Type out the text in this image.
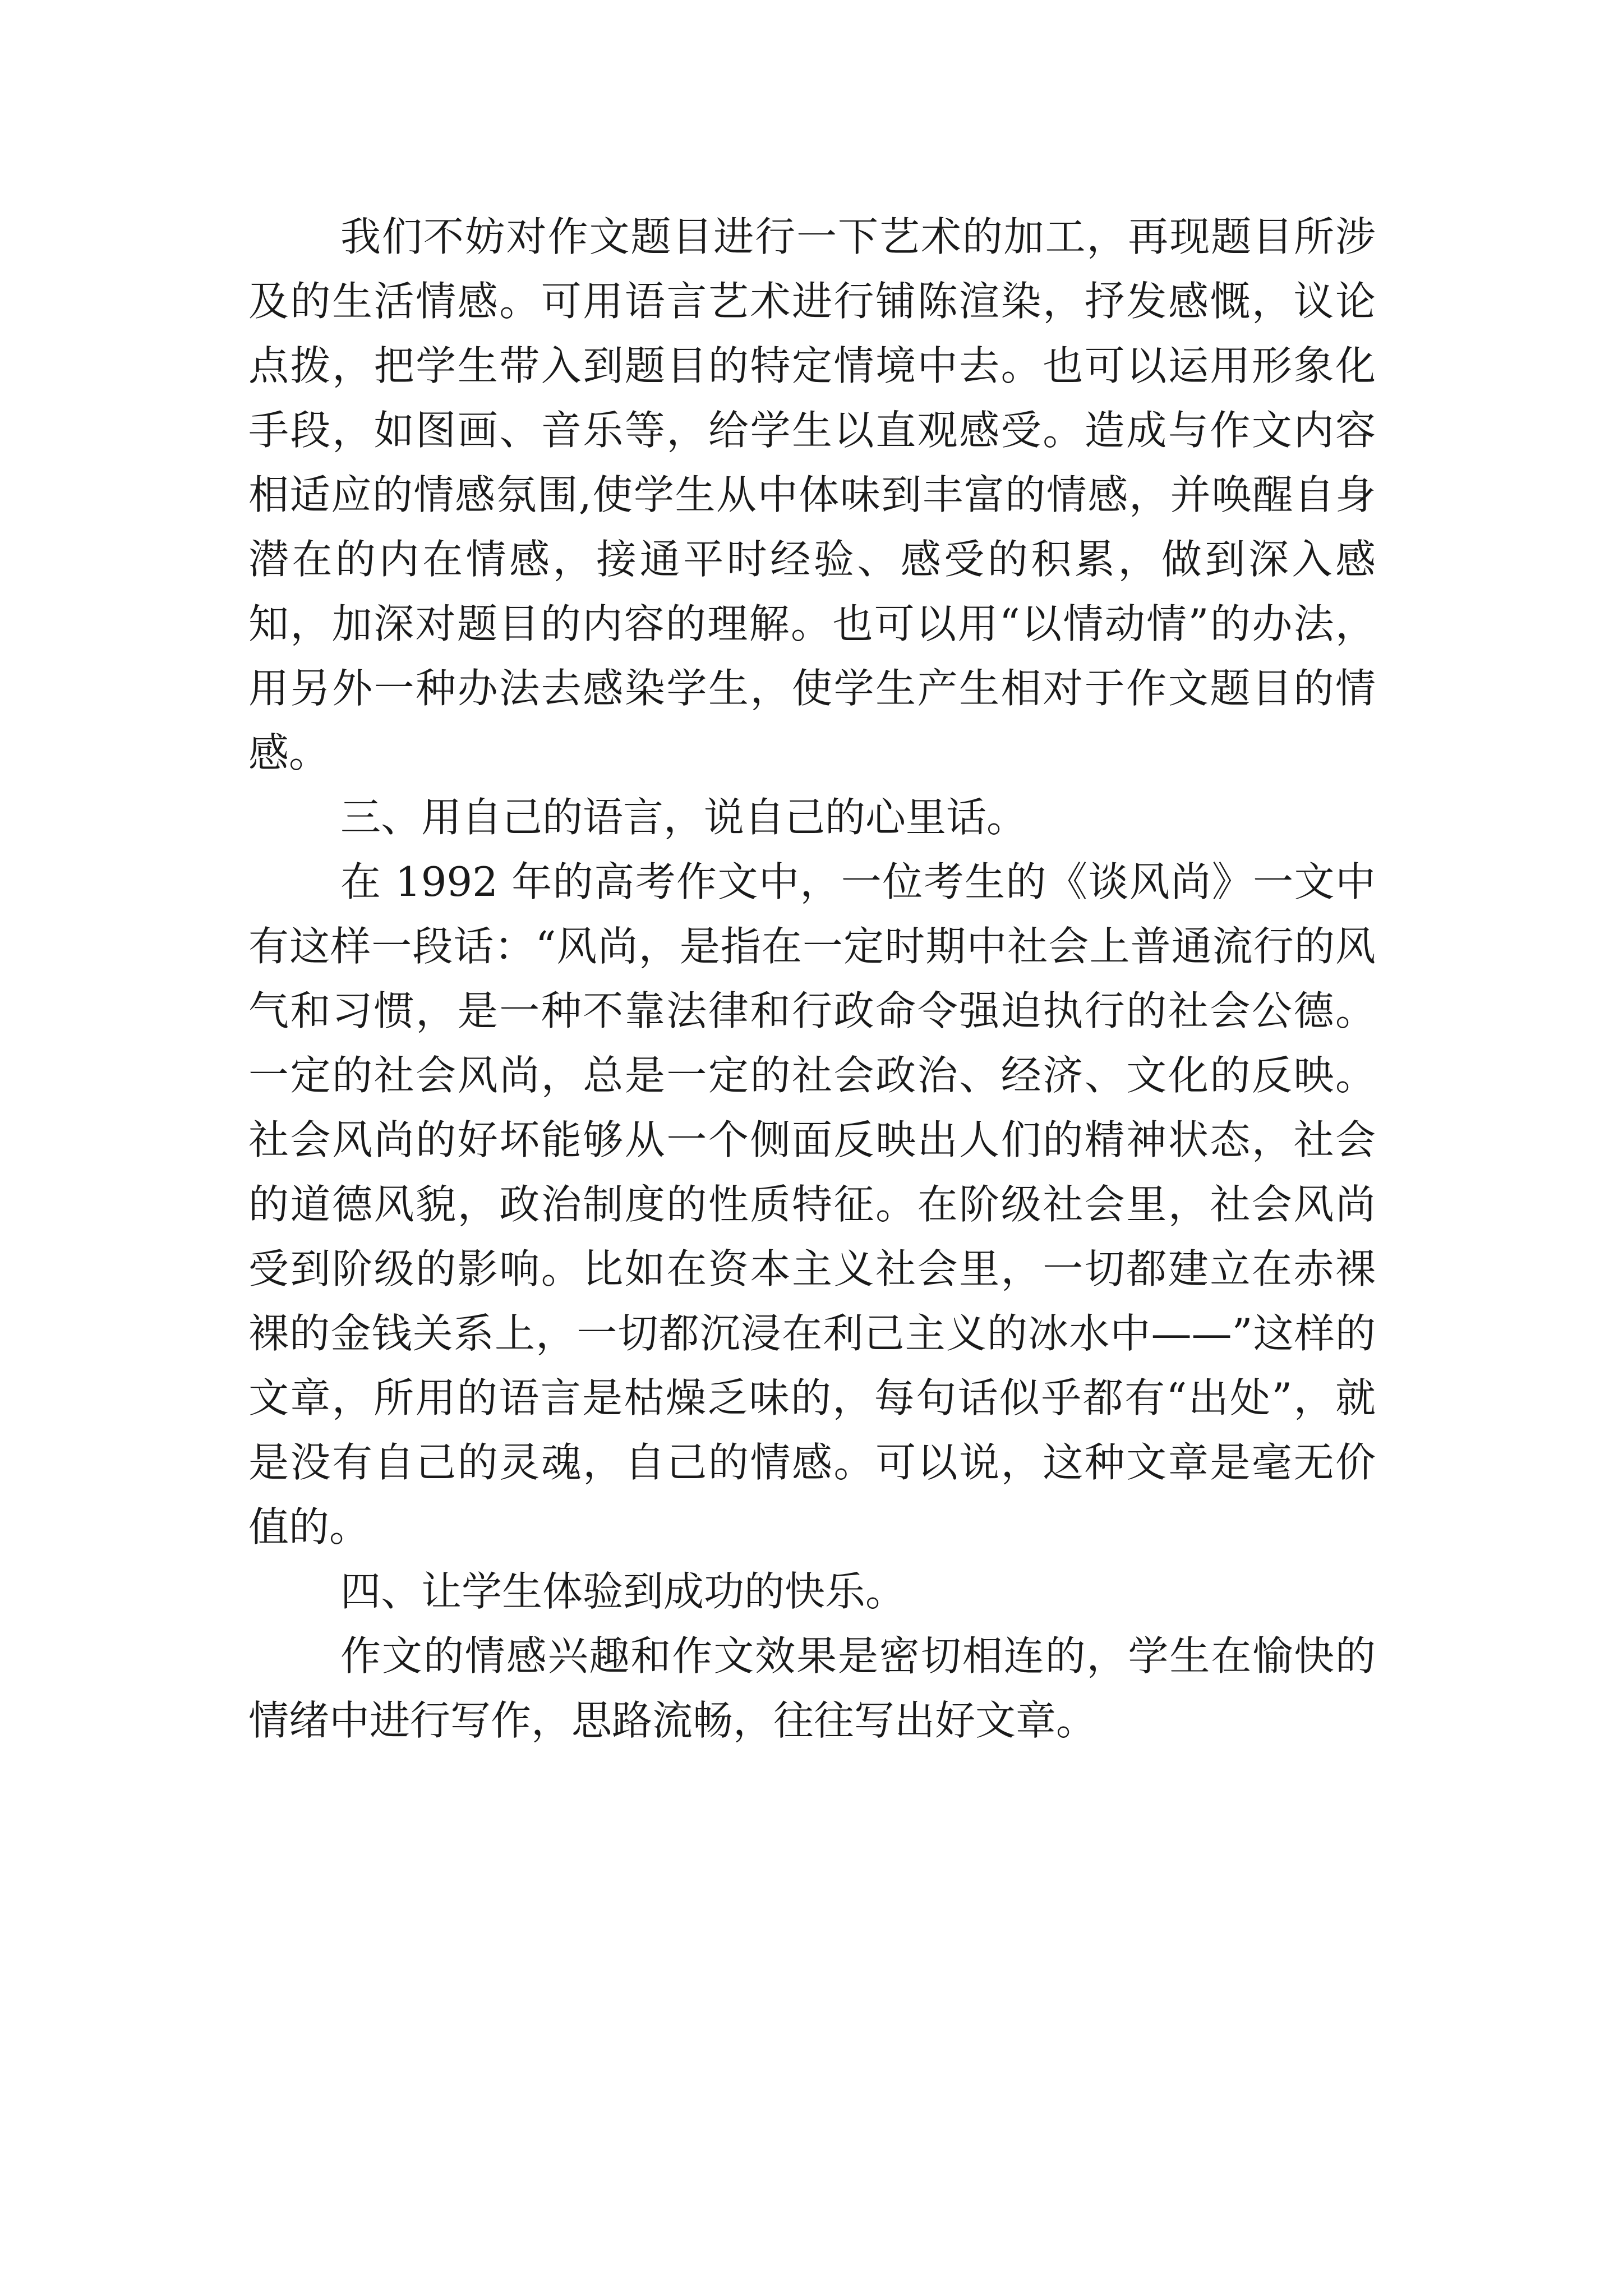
我们不妨对作文题目进行一下艺术的加工，再现题目所涉及的生活情感。可用语言艺术进行铺陈渲染，抒发感慨，议论点拨，把学生带入到题目的特定情境中去。也可以运用形象化手段，如图画、音乐等，给学生以直观感受。造成与作文内容相适应的情感氛围,使学生从中体味到丰富的情感，并唤醒自身潜在的内在情感，接通平时经验、感受的积累，做到深入感知，加深对题目的内容的理解。也可以用“以情动情”的办法，用另外一种办法去感染学生，使学生产生相对于作文题目的情感。

三、用自己的语言，说自己的心里话。

在 1992 年的高考作文中，一位考生的《谈风尚》一文中有这样一段话：“风尚，是指在一定时期中社会上普通流行的风气和习惯，是一种不靠法律和行政命令强迫执行的社会公德。一定的社会风尚，总是一定的社会政治、经济、文化的反映。社会风尚的好坏能够从一个侧面反映出人们的精神状态，社会的道德风貌，政治制度的性质特征。在阶级社会里，社会风尚受到阶级的影响。比如在资本主义社会里，一切都建立在赤裸裸的金钱关系上，一切都沉浸在利己主义的冰水中——”这样的文章，所用的语言是枯燥乏味的，每句话似乎都有“出处”，就是没有自己的灵魂，自己的情感。可以说，这种文章是毫无价值的。

四、让学生体验到成功的快乐。

作文的情感兴趣和作文效果是密切相连的，学生在愉快的情绪中进行写作，思路流畅，往往写出好文章。
